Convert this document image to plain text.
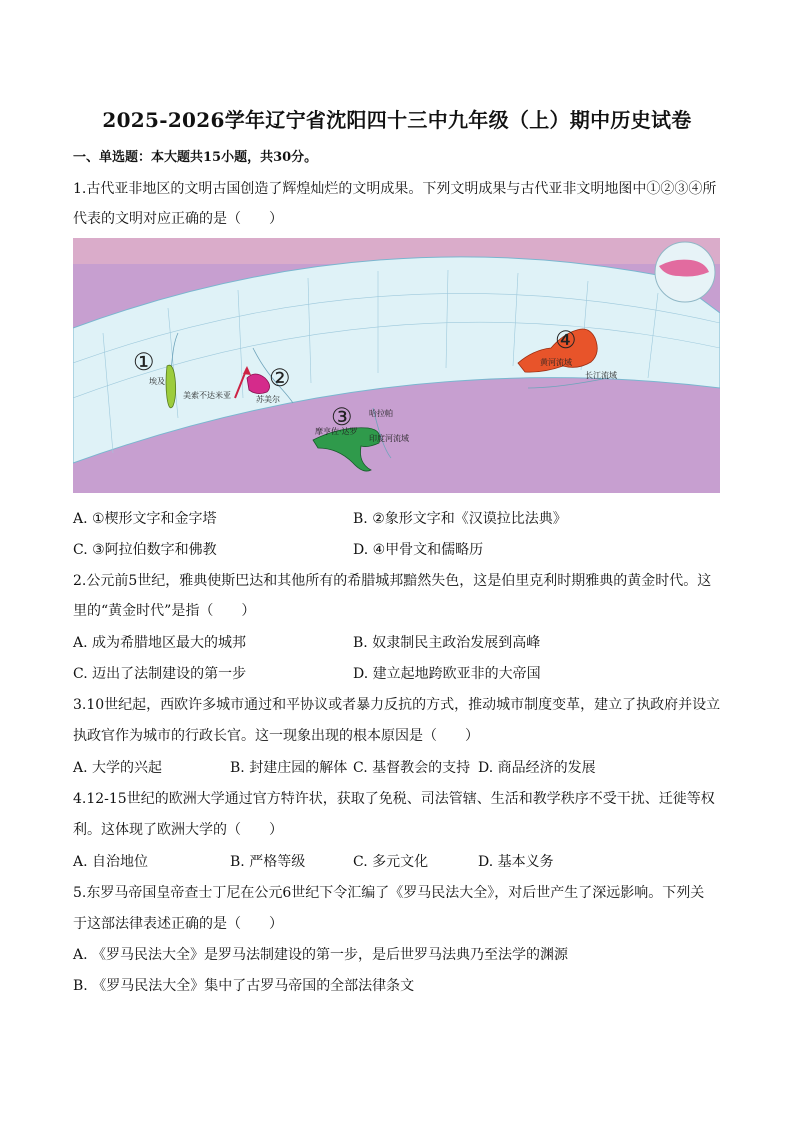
2025-2026学年辽宁省沈阳四十三中九年级（上）期中历史试卷
一、单选题：本大题共15小题，共30分。
1.古代亚非地区的文明古国创造了辉煌灿烂的文明成果。下列文明成果与古代亚非文明地图中①②③④所
代表的文明对应正确的是（　　）
①
②
③
④
埃及
美索不达米亚	苏美尔
哈拉帕
摩亨佐·达罗
印度河流域
黄河流域
长江流域
A. ①楔形文字和金字塔	B. ②象形文字和《汉谟拉比法典》
C. ③阿拉伯数字和佛教	D. ④甲骨文和儒略历
2.公元前5世纪，雅典使斯巴达和其他所有的希腊城邦黯然失色，这是伯里克利时期雅典的黄金时代。这
里的“黄金时代”是指（　　）
A. 成为希腊地区最大的城邦	B. 奴隶制民主政治发展到高峰
C. 迈出了法制建设的第一步	D. 建立起地跨欧亚非的大帝国
3.10世纪起，西欧许多城市通过和平协议或者暴力反抗的方式，推动城市制度变革，建立了执政府并设立
执政官作为城市的行政长官。这一现象出现的根本原因是（　　）
A. 大学的兴起	B. 封建庄园的解体 C. 基督教会的支持 D. 商品经济的发展
4.12-15世纪的欧洲大学通过官方特许状，获取了免税、司法管辖、生活和教学秩序不受干扰、迁徙等权
利。这体现了欧洲大学的（　　）
A. 自治地位	B. 严格等级	C. 多元文化	D. 基本义务
5.东罗马帝国皇帝查士丁尼在公元6世纪下令汇编了《罗马民法大全》，对后世产生了深远影响。下列关
于这部法律表述正确的是（　　）
A. 《罗马民法大全》是罗马法制建设的第一步，是后世罗马法典乃至法学的渊源
B. 《罗马民法大全》集中了古罗马帝国的全部法律条文
